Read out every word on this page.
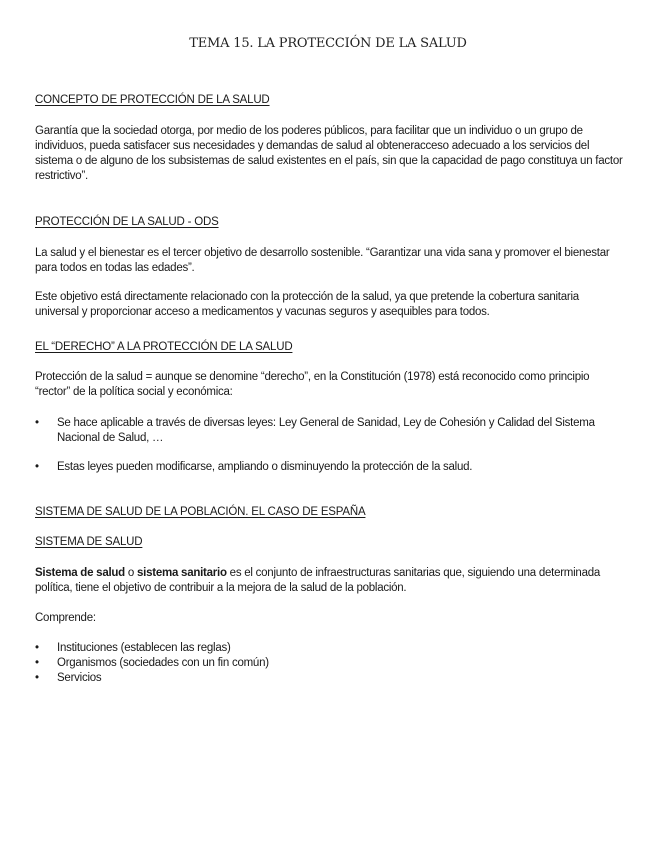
TEMA 15. LA PROTECCIÓN DE LA SALUD
CONCEPTO DE PROTECCIÓN DE LA SALUD

Garantía que la sociedad otorga, por medio de los poderes públicos, para facilitar que un individuo o un grupo de individuos, pueda satisfacer sus necesidades y demandas de salud al obteneracceso adecuado a los servicios del sistema o de alguno de los subsistemas de salud existentes en el país, sin que la capacidad de pago constituya un factor restrictivo”.

PROTECCIÓN DE LA SALUD - ODS

La salud y el bienestar es el tercer objetivo de desarrollo sostenible. “Garantizar una vida sana y promover el bienestar para todos en todas las edades”.

Este objetivo está directamente relacionado con la protección de la salud, ya que pretende la cobertura sanitaria universal y proporcionar acceso a medicamentos y vacunas seguros y asequibles para todos.

EL “DERECHO” A LA PROTECCIÓN DE LA SALUD

Protección de la salud = aunque se denomine “derecho”, en la Constitución (1978) está reconocido como principio “rector” de la política social y económica:

• Se hace aplicable a través de diversas leyes: Ley General de Sanidad, Ley de Cohesión y Calidad del Sistema Nacional de Salud, …
• Estas leyes pueden modificarse, ampliando o disminuyendo la protección de la salud.
SISTEMA DE SALUD DE LA POBLACIÓN. EL CASO DE ESPAÑA
SISTEMA DE SALUD

Sistema de salud o sistema sanitario es el conjunto de infraestructuras sanitarias que, siguiendo una determinada política, tiene el objetivo de contribuir a la mejora de la salud de la población.

Comprende:

• Instituciones (establecen las reglas)
• Organismos (sociedades con un fin común)
• Servicios
